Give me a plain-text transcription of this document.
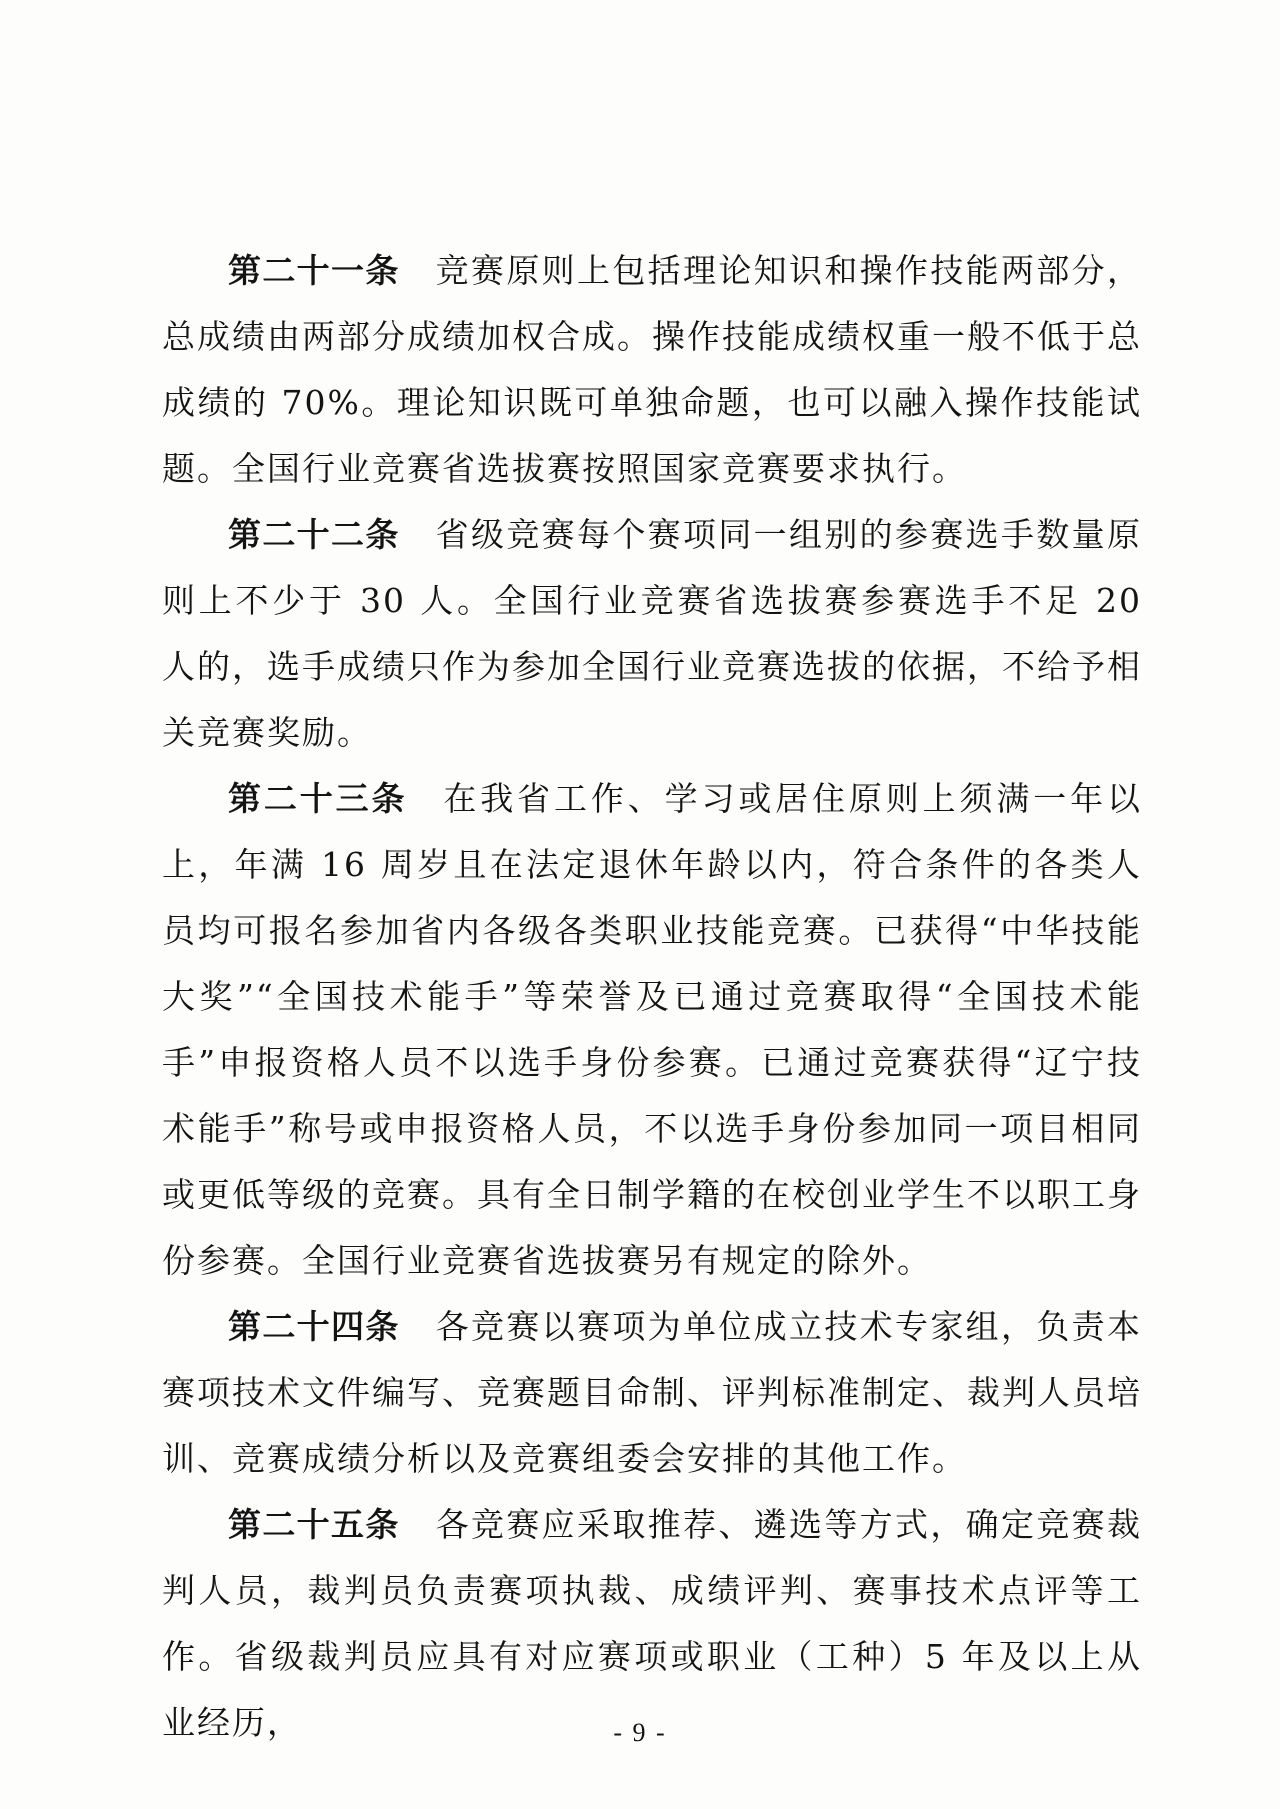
第二十一条 竞赛原则上包括理论知识和操作技能两部分，总成绩由两部分成绩加权合成。操作技能成绩权重一般不低于总成绩的 70%。理论知识既可单独命题，也可以融入操作技能试题。全国行业竞赛省选拔赛按照国家竞赛要求执行。

第二十二条 省级竞赛每个赛项同一组别的参赛选手数量原则上不少于 30 人。全国行业竞赛省选拔赛参赛选手不足 20 人的，选手成绩只作为参加全国行业竞赛选拔的依据，不给予相关竞赛奖励。

第二十三条 在我省工作、学习或居住原则上须满一年以上，年满 16 周岁且在法定退休年龄以内，符合条件的各类人员均可报名参加省内各级各类职业技能竞赛。已获得“中华技能大奖”“全国技术能手”等荣誉及已通过竞赛取得“全国技术能手”申报资格人员不以选手身份参赛。已通过竞赛获得“辽宁技术能手”称号或申报资格人员，不以选手身份参加同一项目相同或更低等级的竞赛。具有全日制学籍的在校创业学生不以职工身份参赛。全国行业竞赛省选拔赛另有规定的除外。

第二十四条 各竞赛以赛项为单位成立技术专家组，负责本赛项技术文件编写、竞赛题目命制、评判标准制定、裁判人员培训、竞赛成绩分析以及竞赛组委会安排的其他工作。

第二十五条 各竞赛应采取推荐、遴选等方式，确定竞赛裁判人员，裁判员负责赛项执裁、成绩评判、赛事技术点评等工作。省级裁判员应具有对应赛项或职业（工种）5 年及以上从业经历，	- 9 -
